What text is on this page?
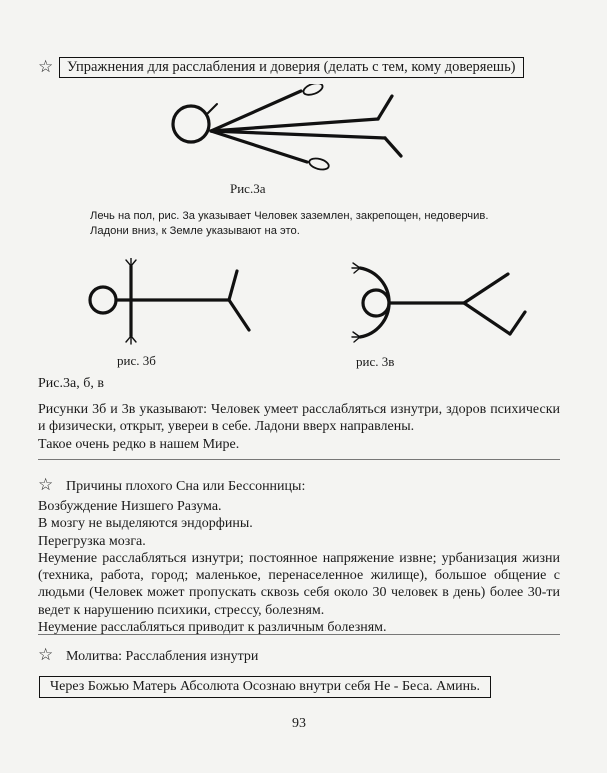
☆ Упражнения для расслабления и доверия (делать с тем, кому доверяешь)
Рис.3а
Лечь на пол, рис. 3а указывает Человек заземлен, закрепощен, недоверчив.
Ладони вниз, к Земле указывают на это.
рис. 3б	рис. 3в
Рис.3а, б, в

Рисунки 3б и 3в указывают: Человек умеет расслабляться изнутри, здоров психически и физически, открыт, увереи в себе. Ладони вверх направлены.

Такое очень редко в нашем Мире.

☆ Причины плохого Сна или Бессонницы:

Возбуждение Низшего Разума.

В мозгу не выделяются эндорфины.

Перегрузка мозга.

Неумение расслабляться изнутри; постоянное напряжение извне; урбанизация жизни (техника, работа, город; маленькое, перенаселенное жилище), большое общение с людьми (Человек может пропускать сквозь себя около 30 человек в день) более 30-ти ведет к нарушению психики, стрессу, болезням.

Неумение расслабляться приводит к различным болезням.

☆ Молитва: Расслабления изнутри
Через Божью Матерь Абсолюта Осознаю внутри себя Не - Беса. Аминь.
93
